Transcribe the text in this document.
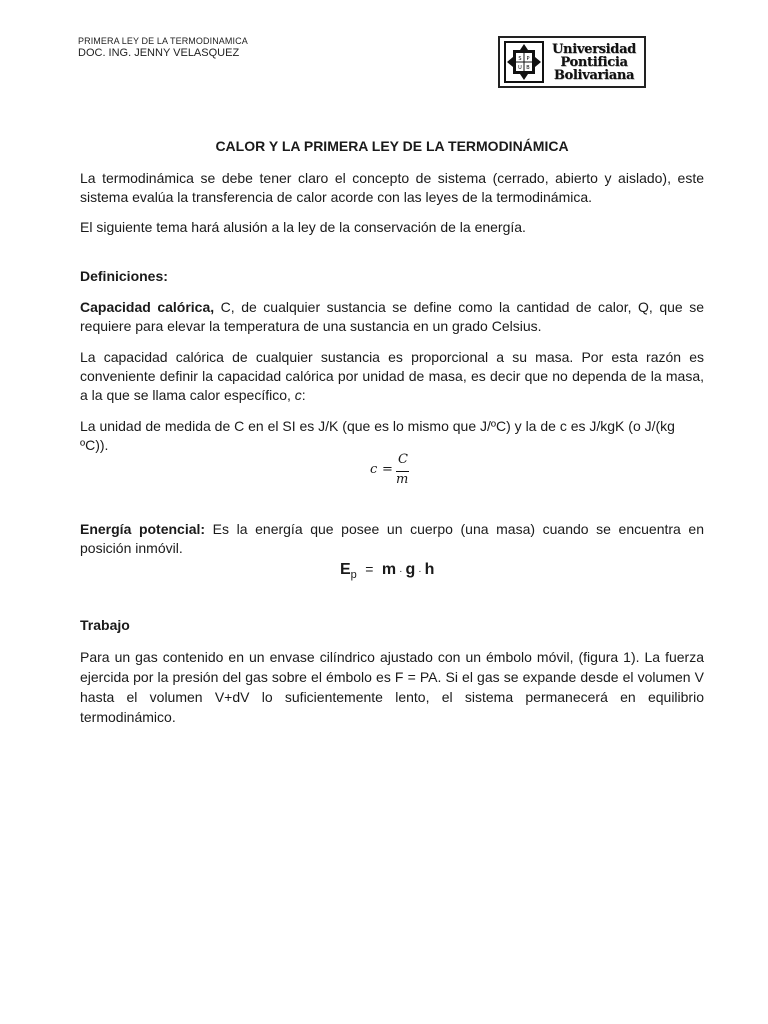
PRIMERA LEY DE LA TERMODINAMICA
DOC. ING. JENNY VELASQUEZ	S P
U B
Universidad
Pontificia
Bolivariana

CALOR Y LA PRIMERA LEY DE LA TERMODINÁMICA

La termodinámica se debe tener claro el concepto de sistema (cerrado, abierto y aislado), este sistema evalúa la transferencia de calor acorde con las leyes de la termodinámica.

El siguiente tema hará alusión a la ley de la conservación de la energía.

Definiciones:

Capacidad calórica, C, de cualquier sustancia se define como la cantidad de calor, Q, que se requiere para elevar la temperatura de una sustancia en un grado Celsius.

La capacidad calórica de cualquier sustancia es proporcional a su masa. Por esta razón es conveniente definir la capacidad calórica por unidad de masa, es decir que no dependa de la masa, a la que se llama calor específico, c:

La unidad de medida de C en el SI es J/K (que es lo mismo que J/ºC) y la de c es J/kgK (o J/(kg ºC)).

Energía potencial: Es la energía que posee un cuerpo (una masa) cuando se encuentra en posición inmóvil.

Trabajo

Para un gas contenido en un envase cilíndrico ajustado con un émbolo móvil, (figura 1). La fuerza ejercida por la presión del gas sobre el émbolo es F = PA. Si el gas se expande desde el volumen V hasta el volumen V+dV lo suficientemente lento, el sistema permanecerá en equilibrio termodinámico.

c =
C
m
$E_p = m \cdot g \cdot h$
